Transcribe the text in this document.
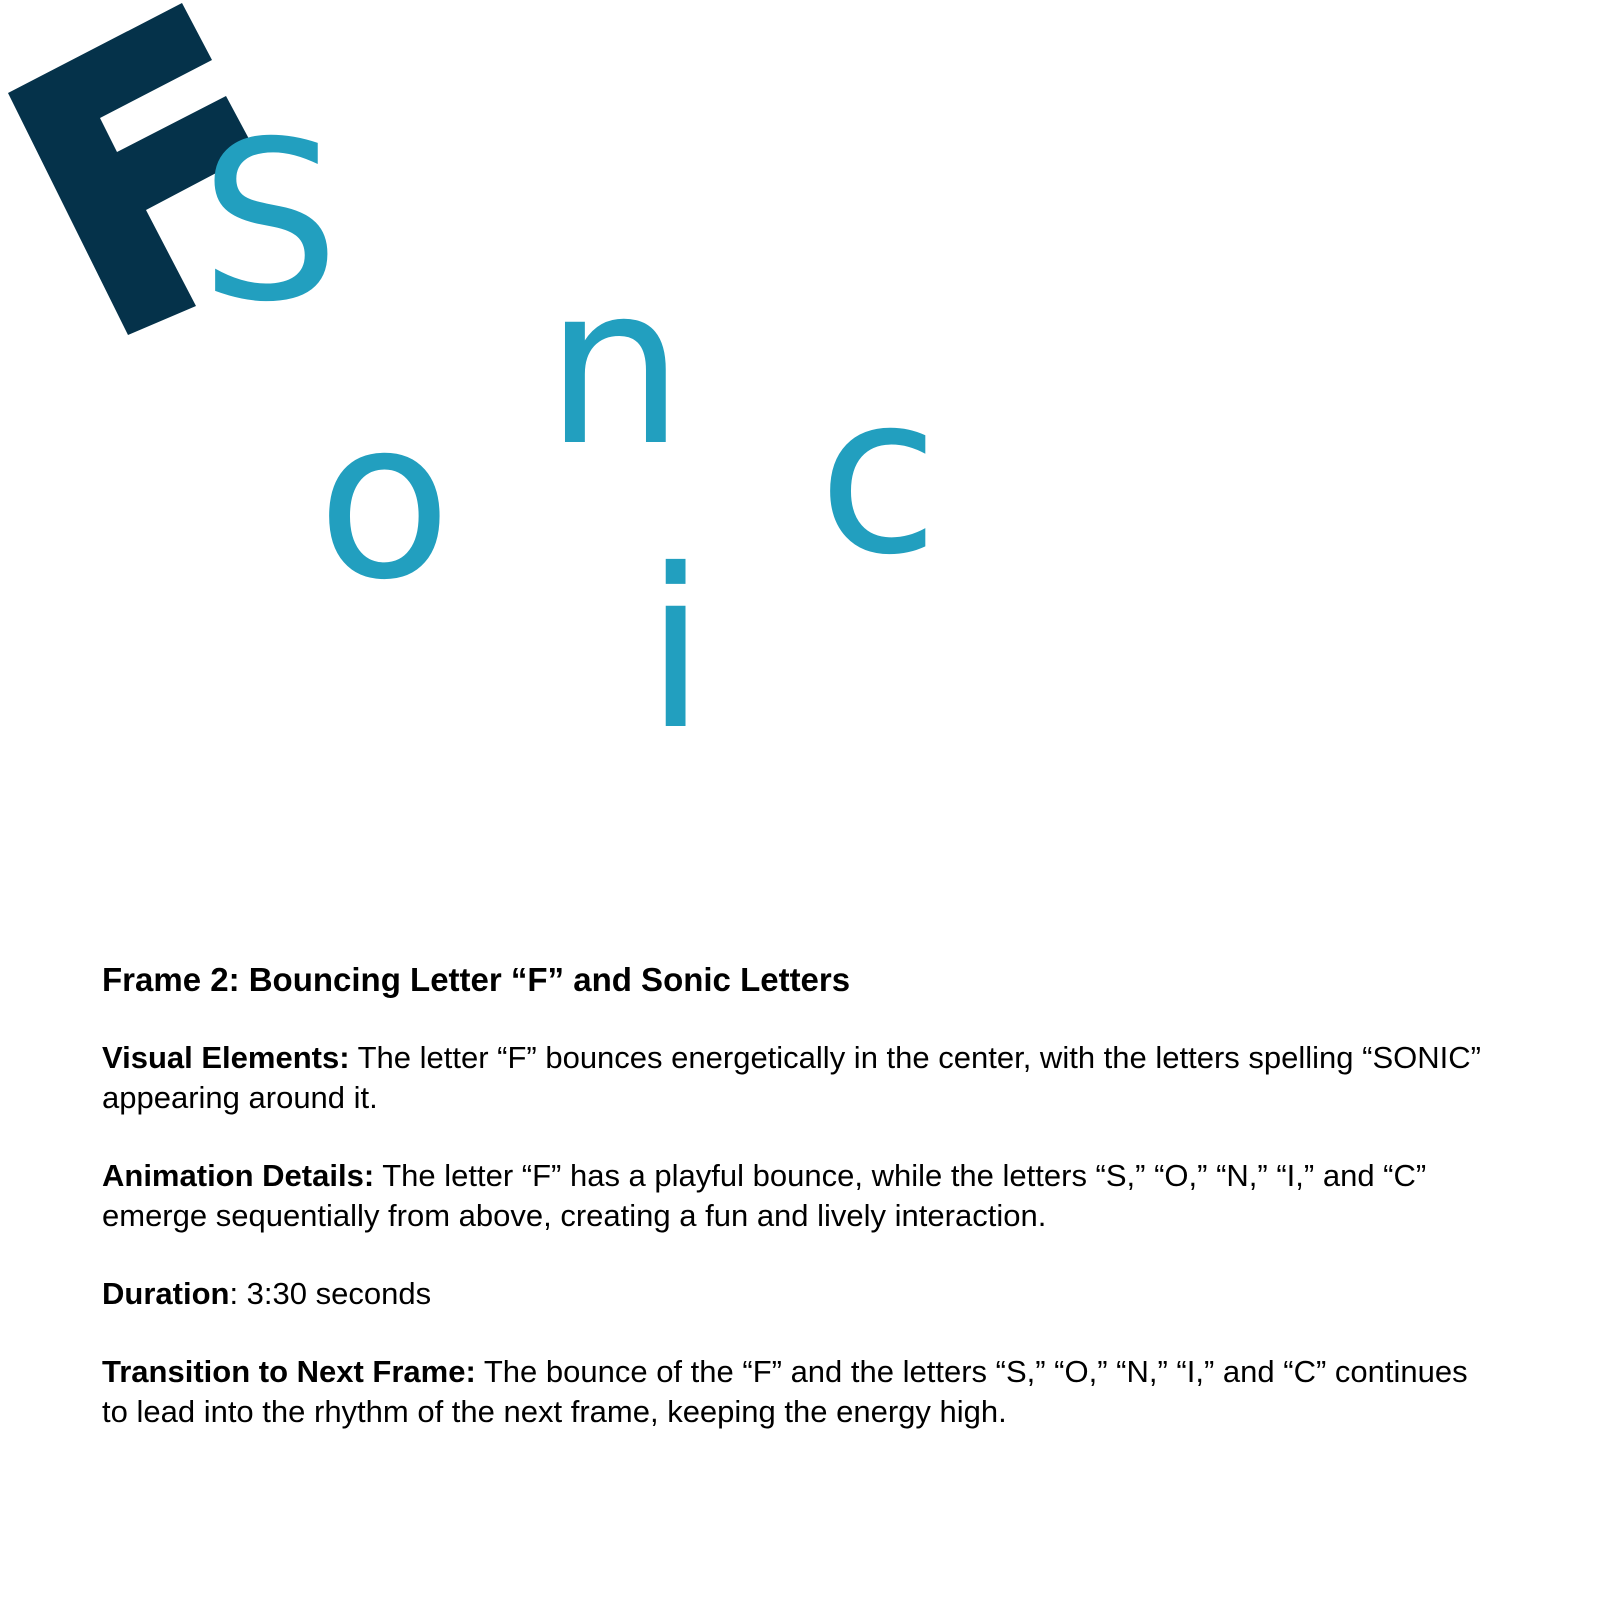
S
o
n
i
c
Frame 2: Bouncing Letter “F” and Sonic Letters

Visual Elements: The letter “F” bounces energetically in the center, with the letters spelling “SONIC” appearing around it.

Animation Details: The letter “F” has a playful bounce, while the letters “S,” “O,” “N,” “I,” and “C” emerge sequentially from above, creating a fun and lively interaction.

Duration: 3:30 seconds

Transition to Next Frame: The bounce of the “F” and the letters “S,” “O,” “N,” “I,” and “C” continues to lead into the rhythm of the next frame, keeping the energy high.
